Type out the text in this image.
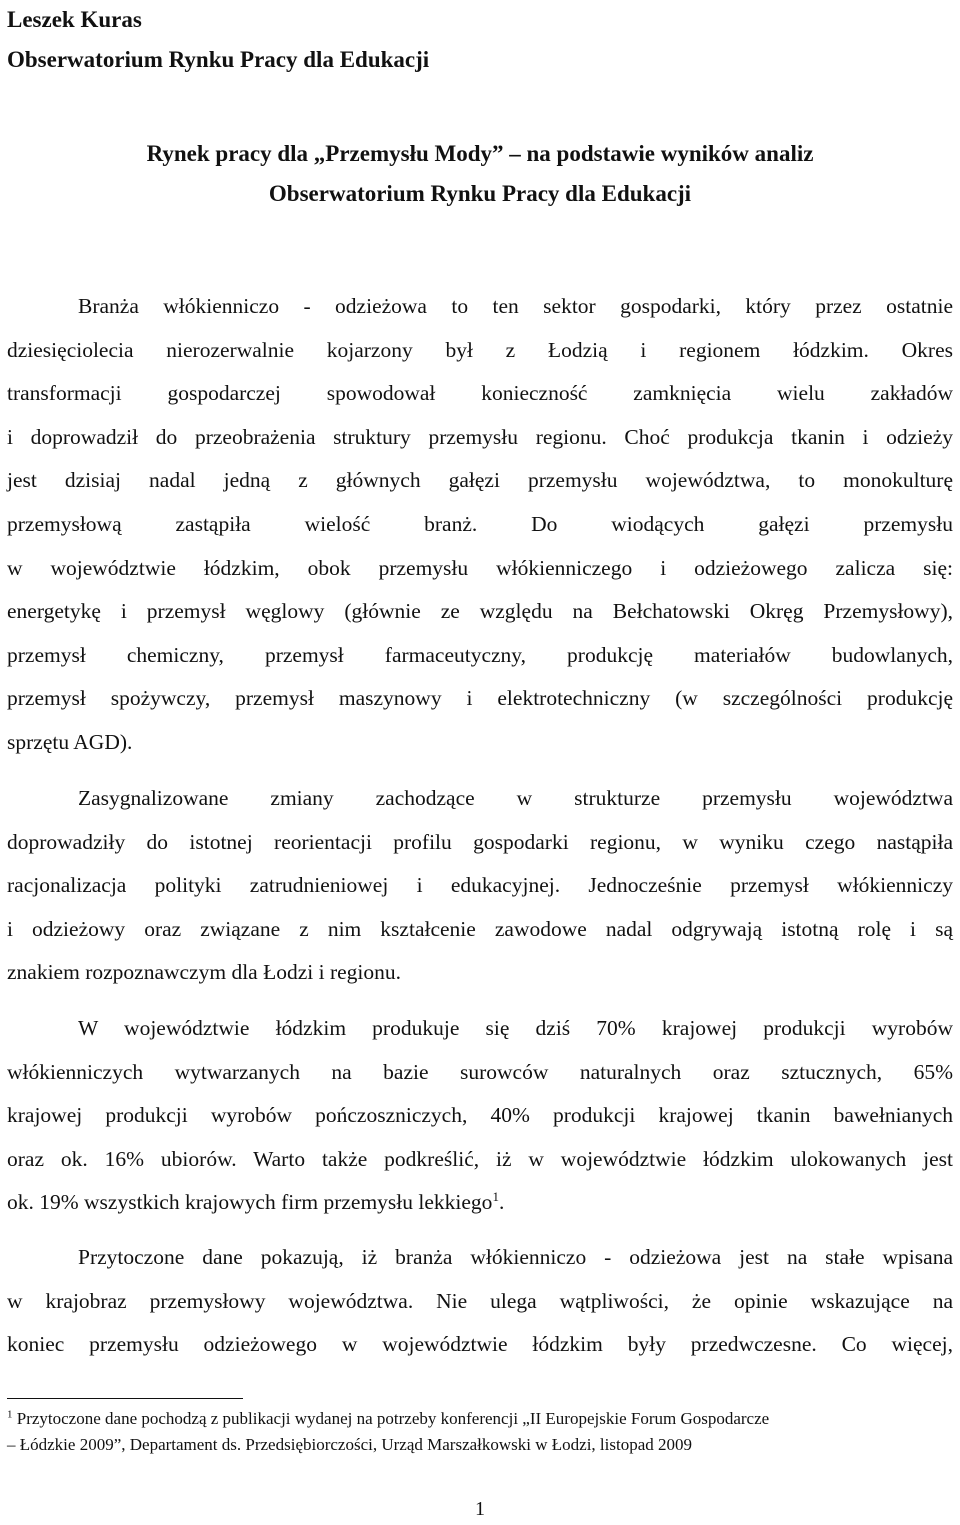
Leszek Kuras
Obserwatorium Rynku Pracy dla Edukacji
Rynek pracy dla „Przemysłu Mody” – na podstawie wyników analiz
Obserwatorium Rynku Pracy dla Edukacji
Branża włókienniczo - odzieżowa to ten sektor gospodarki, który przez ostatnie
dziesięciolecia nierozerwalnie kojarzony był z Łodzią i regionem łódzkim. Okres
transformacji gospodarczej spowodował konieczność zamknięcia wielu zakładów
i doprowadził do przeobrażenia struktury przemysłu regionu. Choć produkcja tkanin i odzieży
jest dzisiaj nadal jedną z głównych gałęzi przemysłu województwa, to monokulturę
przemysłową zastąpiła wielość branż. Do wiodących gałęzi przemysłu
w województwie łódzkim, obok przemysłu włókienniczego i odzieżowego zalicza się:
energetykę i przemysł węglowy (głównie ze względu na Bełchatowski Okręg Przemysłowy),
przemysł chemiczny, przemysł farmaceutyczny, produkcję materiałów budowlanych,
przemysł spożywczy, przemysł maszynowy i elektrotechniczny (w szczególności produkcję
sprzętu AGD).
Zasygnalizowane zmiany zachodzące w strukturze przemysłu województwa
doprowadziły do istotnej reorientacji profilu gospodarki regionu, w wyniku czego nastąpiła
racjonalizacja polityki zatrudnieniowej i edukacyjnej. Jednocześnie przemysł włókienniczy
i odzieżowy oraz związane z nim kształcenie zawodowe nadal odgrywają istotną rolę i są
znakiem rozpoznawczym dla Łodzi i regionu.
W województwie łódzkim produkuje się dziś 70% krajowej produkcji wyrobów
włókienniczych wytwarzanych na bazie surowców naturalnych oraz sztucznych, 65%
krajowej produkcji wyrobów pończoszniczych, 40% produkcji krajowej tkanin bawełnianych
oraz ok. 16% ubiorów. Warto także podkreślić, iż w województwie łódzkim ulokowanych jest
ok. 19% wszystkich krajowych firm przemysłu lekkiego$^1$.
Przytoczone dane pokazują, iż branża włókienniczo - odzieżowa jest na stałe wpisana
w krajobraz przemysłowy województwa. Nie ulega wątpliwości, że opinie wskazujące na
koniec przemysłu odzieżowego w województwie łódzkim były przedwczesne. Co więcej,
$^1$ Przytoczone dane pochodzą z publikacji wydanej na potrzeby konferencji „II Europejskie Forum Gospodarcze
– Łódzkie 2009”, Departament ds. Przedsiębiorczości, Urząd Marszałkowski w Łodzi, listopad 2009
1
